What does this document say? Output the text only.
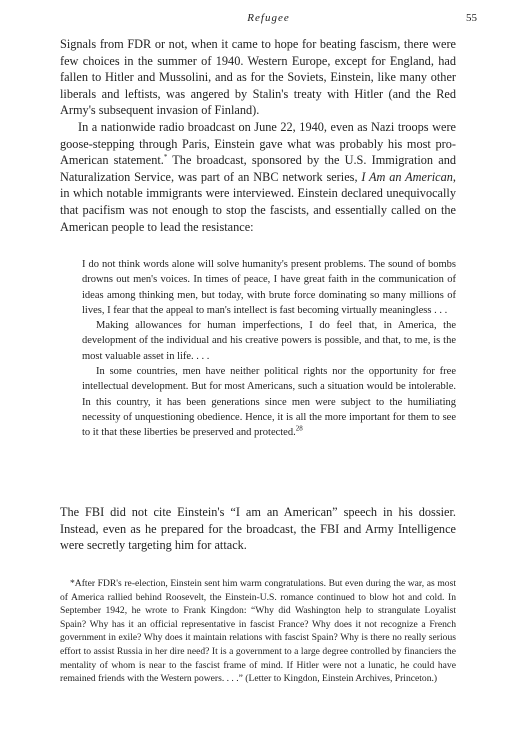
Refugee	55

Signals from FDR or not, when it came to hope for beating fascism, there were few choices in the summer of 1940. Western Europe, except for England, had fallen to Hitler and Mussolini, and as for the Soviets, Einstein, like many other liberals and leftists, was angered by Stalin's treaty with Hitler (and the Red Army's subsequent invasion of Finland).

In a nationwide radio broadcast on June 22, 1940, even as Nazi troops were goose-stepping through Paris, Einstein gave what was probably his most pro-American statement.* The broadcast, sponsored by the U.S. Immigration and Naturalization Service, was part of an NBC network series, I Am an American, in which notable immigrants were interviewed. Einstein declared unequivocally that pacifism was not enough to stop the fascists, and essentially called on the American people to lead the resistance:

I do not think words alone will solve humanity's present problems. The sound of bombs drowns out men's voices. In times of peace, I have great faith in the communication of ideas among thinking men, but today, with brute force dominating so many millions of lives, I fear that the appeal to man's intellect is fast becoming virtually meaningless . . .

Making allowances for human imperfections, I do feel that, in America, the development of the individual and his creative powers is possible, and that, to me, is the most valuable asset in life. . . .

In some countries, men have neither political rights nor the opportunity for free intellectual development. But for most Americans, such a situation would be intolerable. In this country, it has been generations since men were subject to the humiliating necessity of unquestioning obedience. Hence, it is all the more important for them to see to it that these liberties be preserved and protected.$^{28}$

The FBI did not cite Einstein's “I am an American” speech in his dossier. Instead, even as he prepared for the broadcast, the FBI and Army Intelligence were secretly targeting him for attack.

*After FDR's re-election, Einstein sent him warm congratulations. But even during the war, as most of America rallied behind Roosevelt, the Einstein-U.S. romance continued to blow hot and cold. In September 1942, he wrote to Frank Kingdon: “Why did Washington help to strangulate Loyalist Spain? Why has it an official representative in fascist France? Why does it not recognize a French government in exile? Why does it maintain relations with fascist Spain? Why is there no really serious effort to assist Russia in her dire need? It is a government to a large degree controlled by financiers the mentality of whom is near to the fascist frame of mind. If Hitler were not a lunatic, he could have remained friends with the Western powers. . . .” (Letter to Kingdon, Einstein Archives, Princeton.)
